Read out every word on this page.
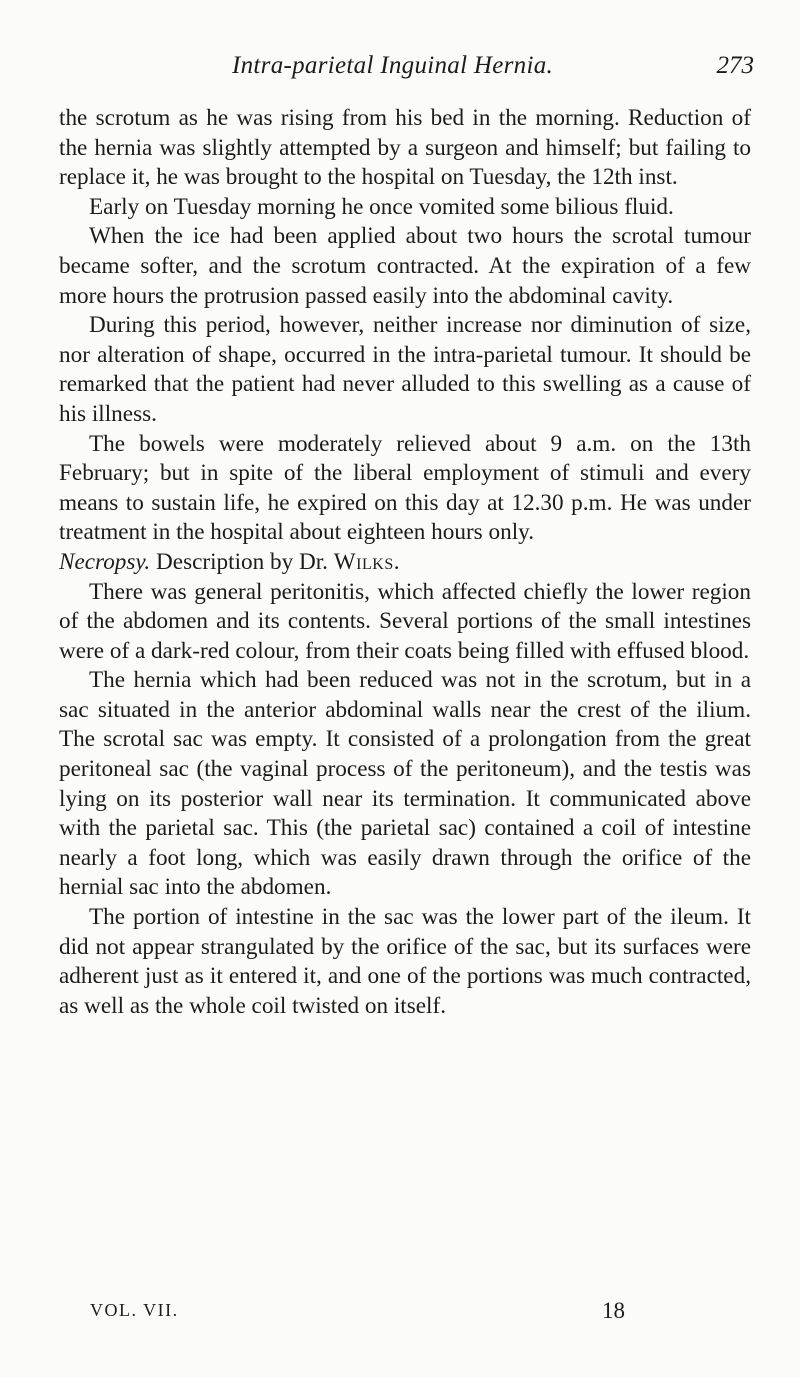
Intra-parietal Inguinal Hernia.	273

the scrotum as he was rising from his bed in the morning. Reduction of the hernia was slightly attempted by a surgeon and himself; but failing to replace it, he was brought to the hospital on Tuesday, the 12th inst.

Early on Tuesday morning he once vomited some bilious fluid.

When the ice had been applied about two hours the scrotal tumour became softer, and the scrotum contracted. At the expiration of a few more hours the protrusion passed easily into the abdominal cavity.

During this period, however, neither increase nor diminution of size, nor alteration of shape, occurred in the intra-parietal tumour. It should be remarked that the patient had never alluded to this swelling as a cause of his illness.

The bowels were moderately relieved about 9 a.m. on the 13th February; but in spite of the liberal employment of stimuli and every means to sustain life, he expired on this day at 12.30 p.m. He was under treatment in the hospital about eighteen hours only.

Necropsy. Description by Dr. Wilks.

There was general peritonitis, which affected chiefly the lower region of the abdomen and its contents. Several portions of the small intestines were of a dark-red colour, from their coats being filled with effused blood.

The hernia which had been reduced was not in the scrotum, but in a sac situated in the anterior abdominal walls near the crest of the ilium. The scrotal sac was empty. It consisted of a prolongation from the great peritoneal sac (the vaginal process of the peritoneum), and the testis was lying on its posterior wall near its termination. It communicated above with the parietal sac. This (the parietal sac) contained a coil of intestine nearly a foot long, which was easily drawn through the orifice of the hernial sac into the abdomen.

The portion of intestine in the sac was the lower part of the ileum. It did not appear strangulated by the orifice of the sac, but its surfaces were adherent just as it entered it, and one of the portions was much contracted, as well as the whole coil twisted on itself.

VOL. VII.	18
